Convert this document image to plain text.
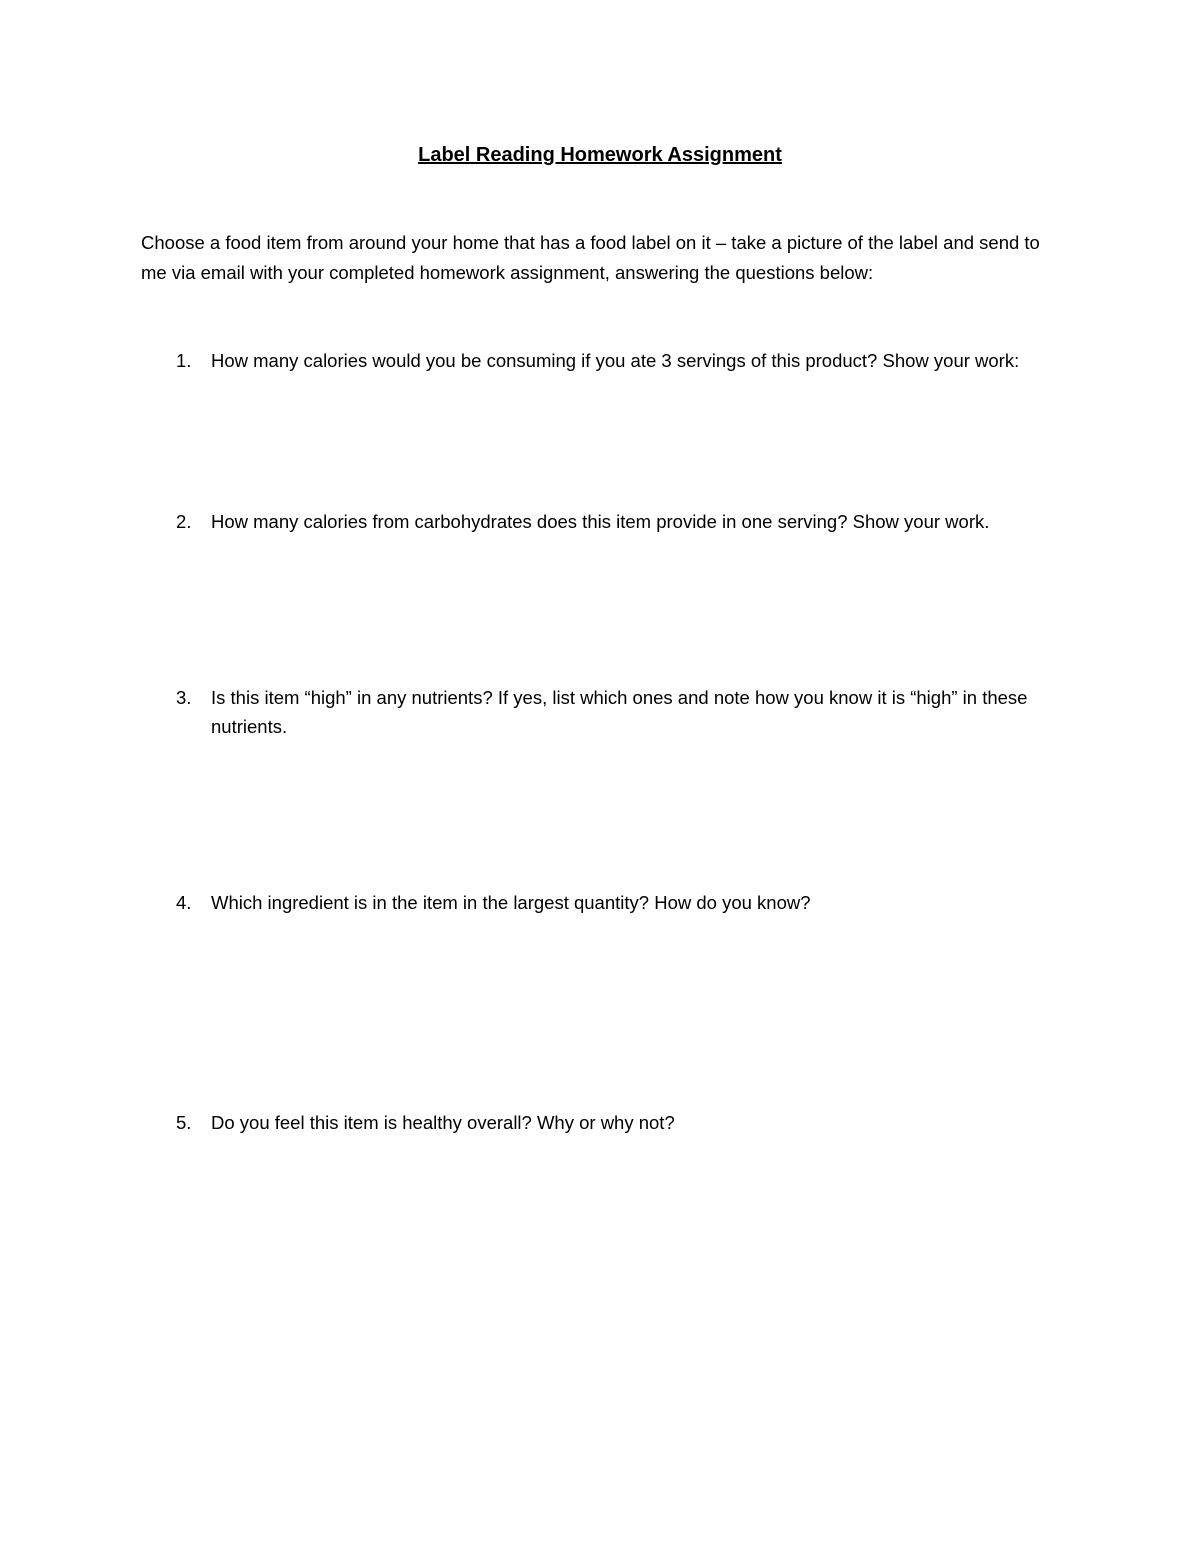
Label Reading Homework Assignment

Choose a food item from around your home that has a food label on it – take a picture of the label and send to me via email with your completed homework assignment, answering the questions below:

1.	How many calories would you be consuming if you ate 3 servings of this product? Show your work:
2.	How many calories from carbohydrates does this item provide in one serving? Show your work.
3.	Is this item “high” in any nutrients? If yes, list which ones and note how you know it is “high” in these nutrients.
4.	Which ingredient is in the item in the largest quantity? How do you know?
5.	Do you feel this item is healthy overall? Why or why not?
